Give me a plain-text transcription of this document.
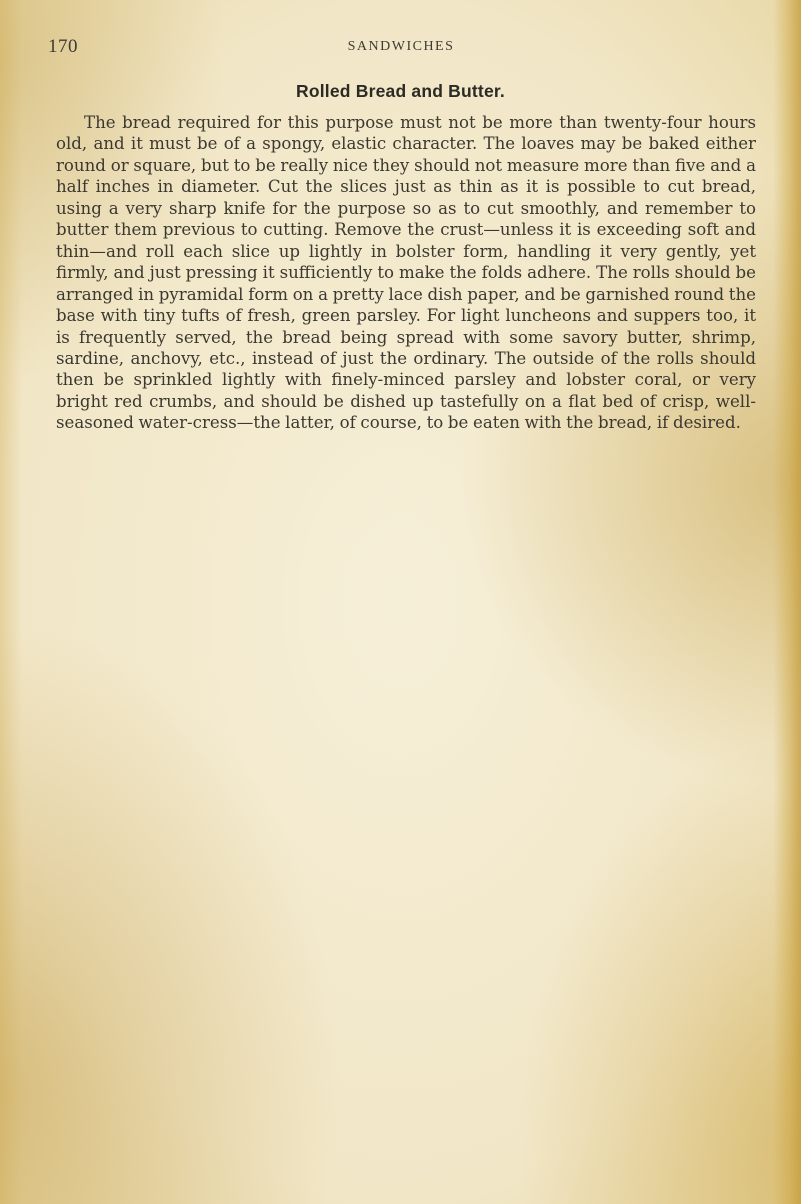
170	SANDWICHES
Rolled Bread and Butter.

The bread required for this purpose must not be more than twenty-four hours old, and it must be of a spongy, elastic character. The loaves may be baked either round or square, but to be really nice they should not measure more than five and a half inches in diameter. Cut the slices just as thin as it is possible to cut bread, using a very sharp knife for the purpose so as to cut smoothly, and remember to butter them previous to cutting. Remove the crust—unless it is exceeding soft and thin—and roll each slice up lightly in bolster form, handling it very gently, yet firmly, and just pressing it sufficiently to make the folds adhere. The rolls should be arranged in pyramidal form on a pretty lace dish paper, and be garnished round the base with tiny tufts of fresh, green parsley. For light luncheons and suppers too, it is frequently served, the bread being spread with some savory butter, shrimp, sardine, anchovy, etc., instead of just the ordinary. The outside of the rolls should then be sprinkled lightly with finely-minced parsley and lobster coral, or very bright red crumbs, and should be dished up tastefully on a flat bed of crisp, well-seasoned water-cress—the latter, of course, to be eaten with the bread, if desired.
